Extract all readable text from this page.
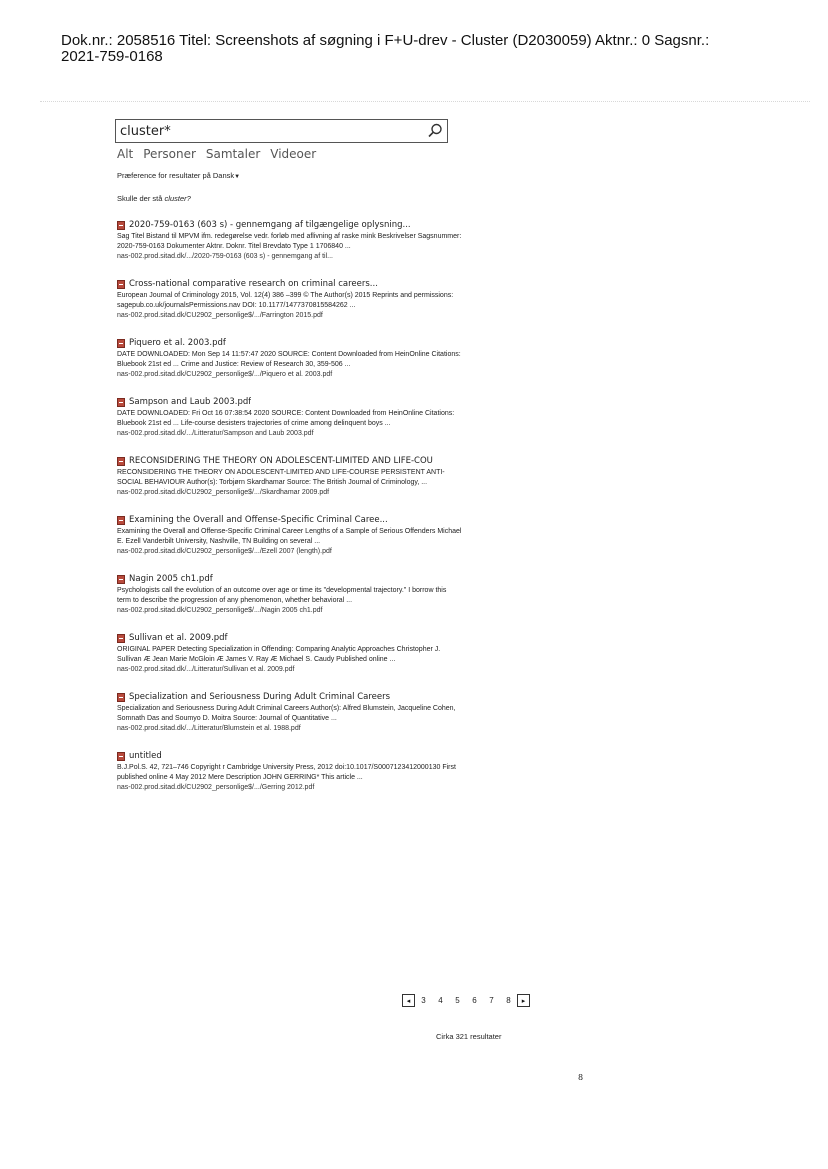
Dok.nr.: 2058516 Titel: Screenshots af søgning i F+U-drev - Cluster (D2030059) Aktnr.: 0 Sagsnr.:
2021-759-0168
cluster*
Alt Personer Samtaler Videoer
Præference for resultater på Dansk▼
Skulle der stå cluster?
2020-759-0163 (603 s) - gennemgang af tilgængelige oplysning...
Sag Titel Bistand til MPVM ifm. redegørelse vedr. forløb med aflivning af raske mink Beskrivelser Sagsnummer: 2020-759-0163 Dokumenter Aktnr. Doknr. Titel Brevdato Type 1 1706840 ...
nas-002.prod.sitad.dk/.../2020-759-0163 (603 s) - gennemgang af til...
Cross-national comparative research on criminal careers...
European Journal of Criminology 2015, Vol. 12(4) 386 –399 © The Author(s) 2015 Reprints and permissions: sagepub.co.uk/journalsPermissions.nav DOI: 10.1177/1477370815584262 ...
nas-002.prod.sitad.dk/CU2902_personlige$/.../Farrington 2015.pdf
Piquero et al. 2003.pdf
DATE DOWNLOADED: Mon Sep 14 11:57:47 2020 SOURCE: Content Downloaded from HeinOnline Citations: Bluebook 21st ed ... Crime and Justice: Review of Research 30, 359-506 ...
nas-002.prod.sitad.dk/CU2902_personlige$/.../Piquero et al. 2003.pdf
Sampson and Laub 2003.pdf
DATE DOWNLOADED: Fri Oct 16 07:38:54 2020 SOURCE: Content Downloaded from HeinOnline Citations: Bluebook 21st ed ... Life-course desisters trajectories of crime among delinquent boys ...
nas-002.prod.sitad.dk/.../Litteratur/Sampson and Laub 2003.pdf
RECONSIDERING THE THEORY ON ADOLESCENT-LIMITED AND LIFE-COU
RECONSIDERING THE THEORY ON ADOLESCENT-LIMITED AND LIFE-COURSE PERSISTENT ANTI-SOCIAL BEHAVIOUR Author(s): Torbjørn Skardhamar Source: The British Journal of Criminology, ...
nas-002.prod.sitad.dk/CU2902_personlige$/.../Skardhamar 2009.pdf
Examining the Overall and Offense-Specific Criminal Caree...
Examining the Overall and Offense-Specific Criminal Career Lengths of a Sample of Serious Offenders Michael E. Ezell Vanderbilt University, Nashville, TN Building on several ...
nas-002.prod.sitad.dk/CU2902_personlige$/.../Ezell 2007 (length).pdf
Nagin 2005 ch1.pdf
Psychologists call the evolution of an outcome over age or time its "developmental trajectory." I borrow this term to describe the progression of any phenomenon, whether behavioral ...
nas-002.prod.sitad.dk/CU2902_personlige$/.../Nagin 2005 ch1.pdf
Sullivan et al. 2009.pdf
ORIGINAL PAPER Detecting Specialization in Offending: Comparing Analytic Approaches Christopher J. Sullivan Æ Jean Marie McGloin Æ James V. Ray Æ Michael S. Caudy Published online ...
nas-002.prod.sitad.dk/.../Litteratur/Sullivan et al. 2009.pdf
Specialization and Seriousness During Adult Criminal Careers
Specialization and Seriousness During Adult Criminal Careers Author(s): Alfred Blumstein, Jacqueline Cohen, Somnath Das and Soumyo D. Moitra Source: Journal of Quantitative ...
nas-002.prod.sitad.dk/.../Litteratur/Blumstein et al. 1988.pdf
untitled
B.J.Pol.S. 42, 721–746 Copyright r Cambridge University Press, 2012 doi:10.1017/S0007123412000130 First published online 4 May 2012 Mere Description JOHN GERRING* This article ...
nas-002.prod.sitad.dk/CU2902_personlige$/.../Gerring 2012.pdf
◂	3	4	5	6	7	8	▸
Cirka 321 resultater
8
